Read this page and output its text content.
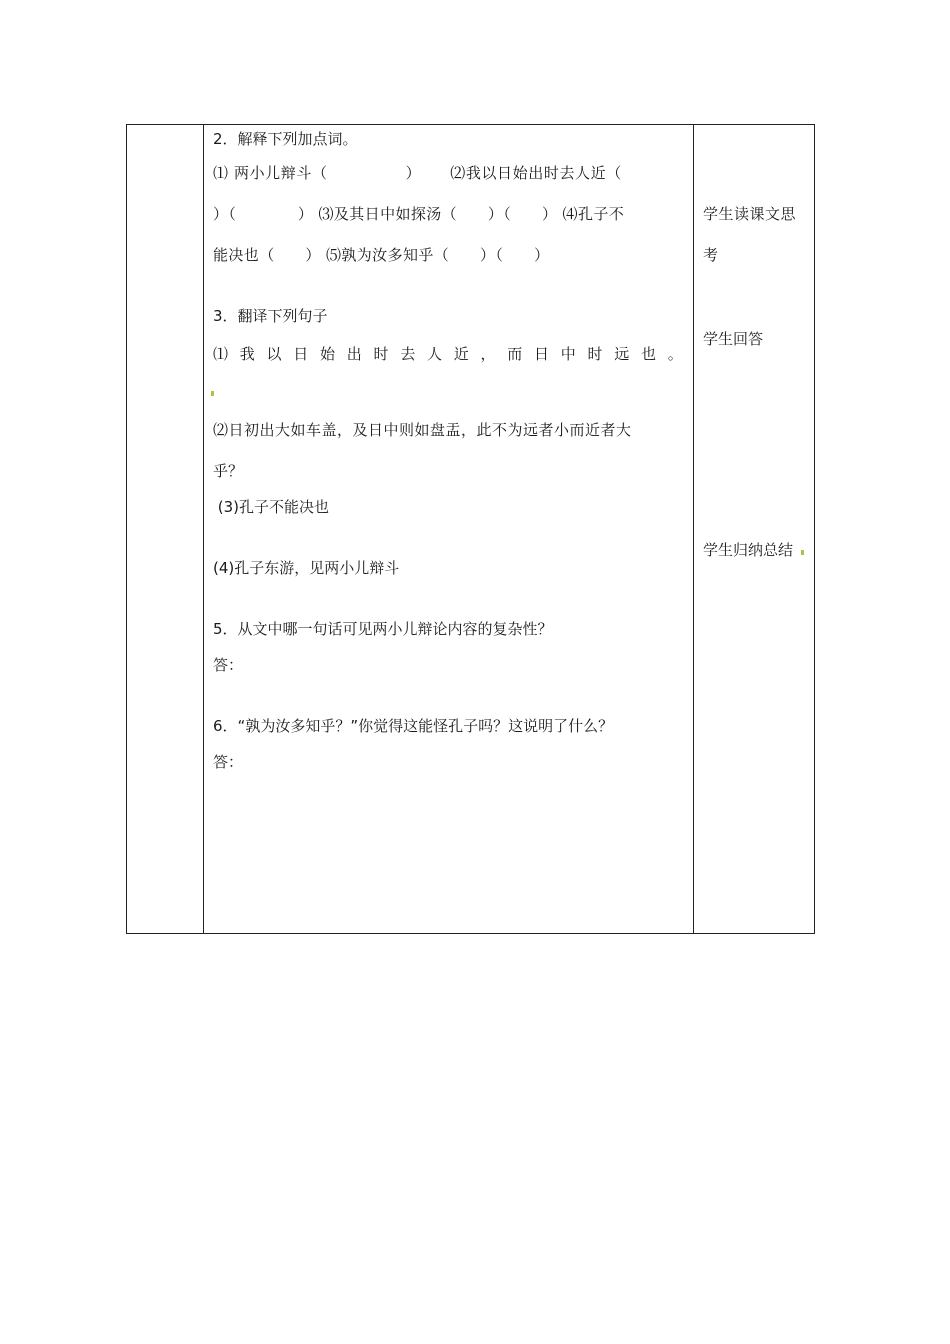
2．解释下列加点词。
⑴ 两小儿辩斗（　　　　　）　　 ⑵我以日始出时去人近（
）（　　　　） ⑶及其日中如探汤（　　）（　　） ⑷孔子不
能决也（　　） ⑸孰为汝多知乎（　　）（　　）
3．翻译下列句子
⑴ 我 以 日 始 出 时 去 人 近 ， 而 日 中 时 远 也 。
⑵日初出大如车盖，及日中则如盘盂，此不为远者小而近者大
乎？
(3)孔子不能决也
(4)孔子东游，见两小儿辩斗
5．从文中哪一句话可见两小儿辩论内容的复杂性？
答：
6．“孰为汝多知乎？”你觉得这能怪孔子吗？这说明了什么？
答：
学生读课文思
考
学生回答
学生归纳总结
